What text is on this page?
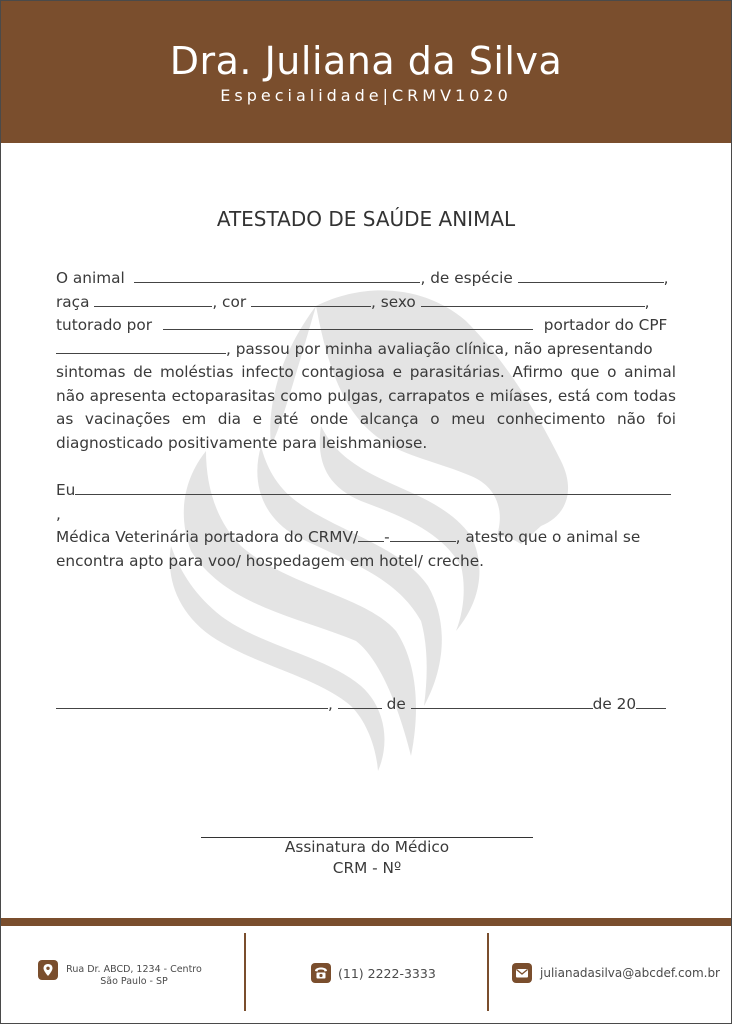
Dra. Juliana da Silva
Especialidade|CRMV1020
ATESTADO DE SAÚDE ANIMAL

O animal	, de espécie	,

raça	, cor	, sexo	,

tutorado por	portador do CPF

, passou por minha avaliação clínica, não apresentando

sintomas de moléstias infecto contagiosa e parasitárias. Afirmo que o animal não apresenta ectoparasitas como pulgas, carrapatos e miíases, está com todas as vacinações em dia e até onde alcança o meu conhecimento não foi diagnosticado positivamente para leishmaniose.

Eu,

Médica Veterinária portadora do CRMV/ -	, atesto que o animal se

encontra apto para voo/ hospedagem em hotel/ creche.

,	de	de 20
Assinatura do Médico
CRM - Nº
Rua Dr. ABCD, 1234 - Centro
São Paulo - SP
(11) 2222-3333	julianadasilva@abcdef.com.br
